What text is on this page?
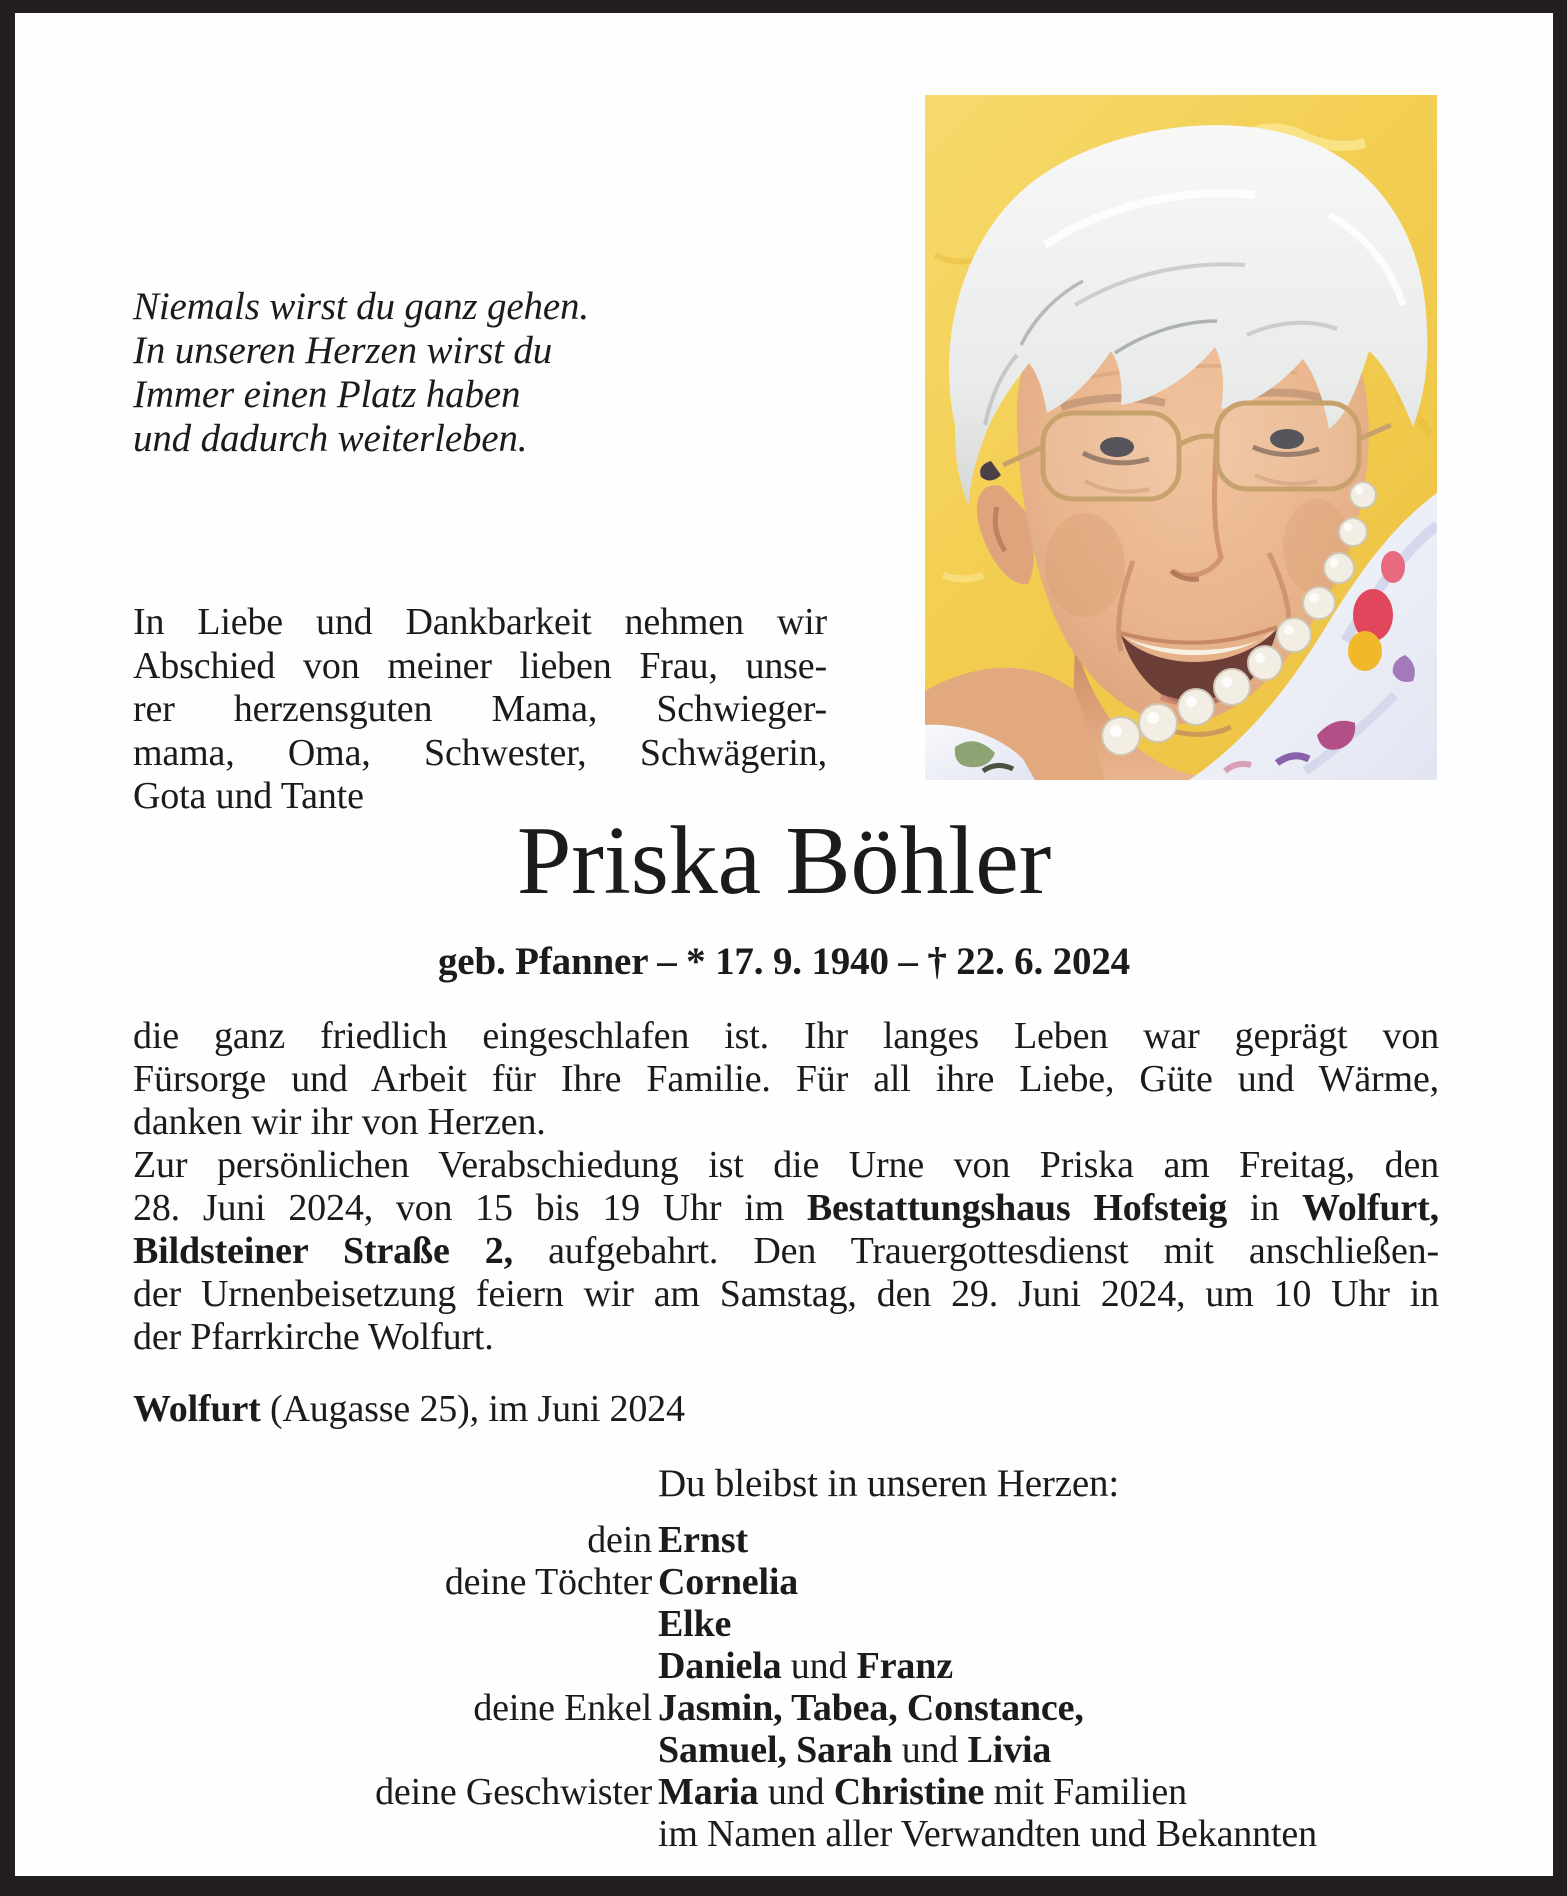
Niemals wirst du ganz gehen.
In unseren Herzen wirst du
Immer einen Platz haben
und dadurch weiterleben.
In Liebe und Dankbarkeit nehmen wir
Abschied von meiner lieben Frau, unse-
rer herzensguten Mama, Schwieger-
mama, Oma, Schwester, Schwägerin,
Gota und Tante
Priska Böhler
geb. Pfanner – * 17. 9. 1940 – † 22. 6. 2024
die ganz friedlich eingeschlafen ist. Ihr langes Leben war geprägt von
Fürsorge und Arbeit für Ihre Familie. Für all ihre Liebe, Güte und Wärme,
danken wir ihr von Herzen.
Zur persönlichen Verabschiedung ist die Urne von Priska am Freitag, den
28. Juni 2024, von 15 bis 19 Uhr im Bestattungshaus Hofsteig in Wolfurt,
Bildsteiner Straße 2, aufgebahrt. Den Trauergottesdienst mit anschließen-
der Urnenbeisetzung feiern wir am Samstag, den 29. Juni 2024, um 10 Uhr in
der Pfarrkirche Wolfurt.
Wolfurt (Augasse 25), im Juni 2024
Du bleibst in unseren Herzen:
dein Ernst
deine Töchter Cornelia
Elke
Daniela und Franz
deine Enkel Jasmin, Tabea, Constance,
Samuel, Sarah und Livia
deine Geschwister Maria und Christine mit Familien
im Namen aller Verwandten und Bekannten
